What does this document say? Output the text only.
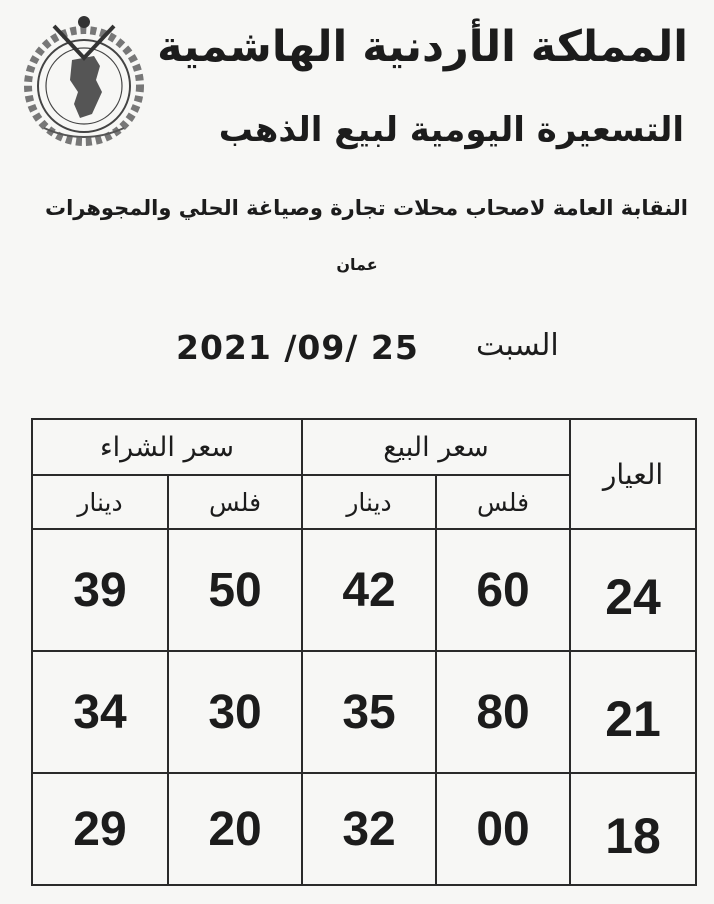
المملكة الأردنية الهاشمية
التسعيرة اليومية لبيع الذهب
النقابة العامة لاصحاب محلات تجارة وصياغة الحلي والمجوهرات
عمان
السبت
2021 /09/ 25
سعر الشراء		سعر البيع		العيار
دينار	فلس	دينار	فلس	
39	50	42	60	24
34	30	35	80	21
29	20	32	00	18
